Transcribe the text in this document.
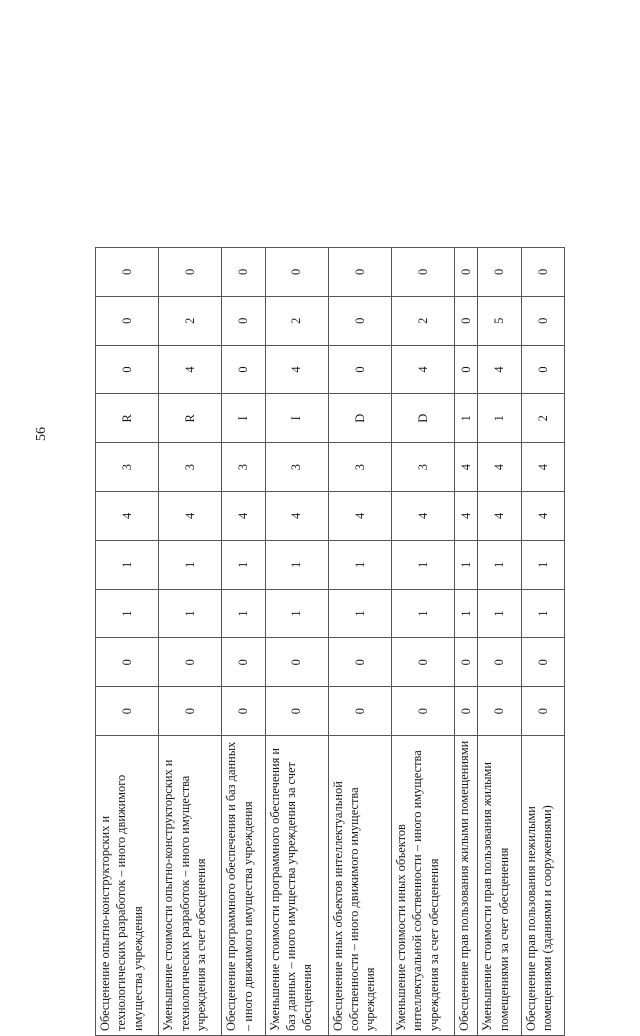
56
Обесценение опытно-конструкторских и технологических разработок – иного движимого имущества учреждения	0	0	1	1	4	3	R	0	0	0
Уменьшение стоимости опытно-конструкторских и технологических разработок – иного имущества учреждения за счет обесценения	0	0	1	1	4	3	R	4	2	0
Обесценение программного обеспечения и баз данных – иного движимого имущества учреждения	0	0	1	1	4	3	I	0	0	0
Уменьшение стоимости программного обеспечения и баз данных – иного имущества учреждения за счет обесценения	0	0	1	1	4	3	I	4	2	0
Обесценение иных объектов интеллектуальной собственности – иного движимого имущества учреждения	0	0	1	1	4	3	D	0	0	0
Уменьшение стоимости иных объектов интеллектуальной собственности – иного имущества учреждения за счет обесценения	0	0	1	1	4	3	D	4	2	0
Обесценение прав пользования жилыми помещениями	0	0	1	1	4	4	1	0	0	0
Уменьшение стоимости прав пользования жилыми помещениями за счет обесценения	0	0	1	1	4	4	1	4	5	0
Обесценение прав пользования нежилыми помещениями (зданиями и сооружениями)	0	0	1	1	4	4	2	0	0	0
